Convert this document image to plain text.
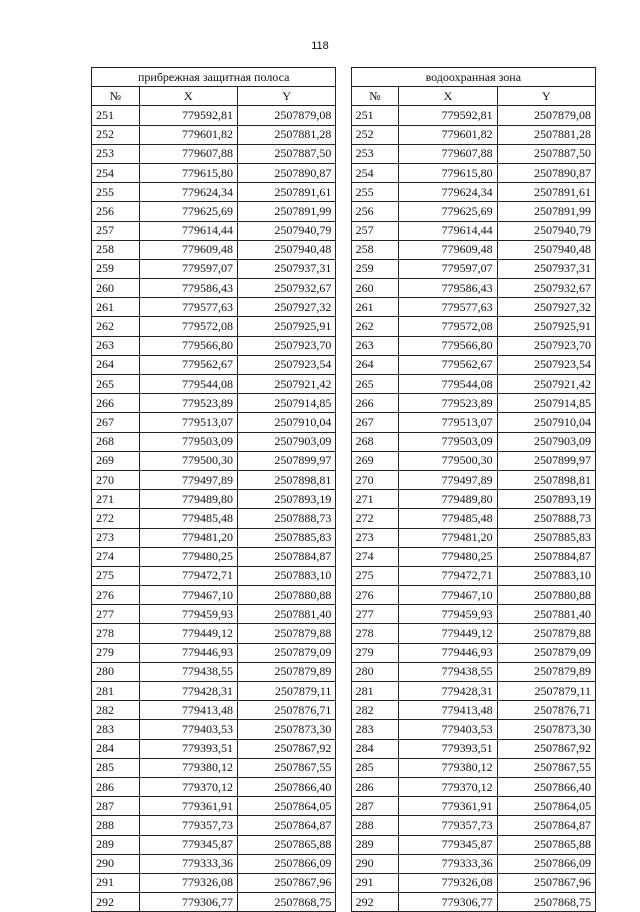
118
прибрежная защитная полоса				водоохранная зона		
№	X	Y		№	X	Y
251	779592,81	2507879,08		251	779592,81	2507879,08
252	779601,82	2507881,28		252	779601,82	2507881,28
253	779607,88	2507887,50		253	779607,88	2507887,50
254	779615,80	2507890,87		254	779615,80	2507890,87
255	779624,34	2507891,61		255	779624,34	2507891,61
256	779625,69	2507891,99		256	779625,69	2507891,99
257	779614,44	2507940,79		257	779614,44	2507940,79
258	779609,48	2507940,48		258	779609,48	2507940,48
259	779597,07	2507937,31		259	779597,07	2507937,31
260	779586,43	2507932,67		260	779586,43	2507932,67
261	779577,63	2507927,32		261	779577,63	2507927,32
262	779572,08	2507925,91		262	779572,08	2507925,91
263	779566,80	2507923,70		263	779566,80	2507923,70
264	779562,67	2507923,54		264	779562,67	2507923,54
265	779544,08	2507921,42		265	779544,08	2507921,42
266	779523,89	2507914,85		266	779523,89	2507914,85
267	779513,07	2507910,04		267	779513,07	2507910,04
268	779503,09	2507903,09		268	779503,09	2507903,09
269	779500,30	2507899,97		269	779500,30	2507899,97
270	779497,89	2507898,81		270	779497,89	2507898,81
271	779489,80	2507893,19		271	779489,80	2507893,19
272	779485,48	2507888,73		272	779485,48	2507888,73
273	779481,20	2507885,83		273	779481,20	2507885,83
274	779480,25	2507884,87		274	779480,25	2507884,87
275	779472,71	2507883,10		275	779472,71	2507883,10
276	779467,10	2507880,88		276	779467,10	2507880,88
277	779459,93	2507881,40		277	779459,93	2507881,40
278	779449,12	2507879,88		278	779449,12	2507879,88
279	779446,93	2507879,09		279	779446,93	2507879,09
280	779438,55	2507879,89		280	779438,55	2507879,89
281	779428,31	2507879,11		281	779428,31	2507879,11
282	779413,48	2507876,71		282	779413,48	2507876,71
283	779403,53	2507873,30		283	779403,53	2507873,30
284	779393,51	2507867,92		284	779393,51	2507867,92
285	779380,12	2507867,55		285	779380,12	2507867,55
286	779370,12	2507866,40		286	779370,12	2507866,40
287	779361,91	2507864,05		287	779361,91	2507864,05
288	779357,73	2507864,87		288	779357,73	2507864,87
289	779345,87	2507865,88		289	779345,87	2507865,88
290	779333,36	2507866,09		290	779333,36	2507866,09
291	779326,08	2507867,96		291	779326,08	2507867,96
292	779306,77	2507868,75		292	779306,77	2507868,75
